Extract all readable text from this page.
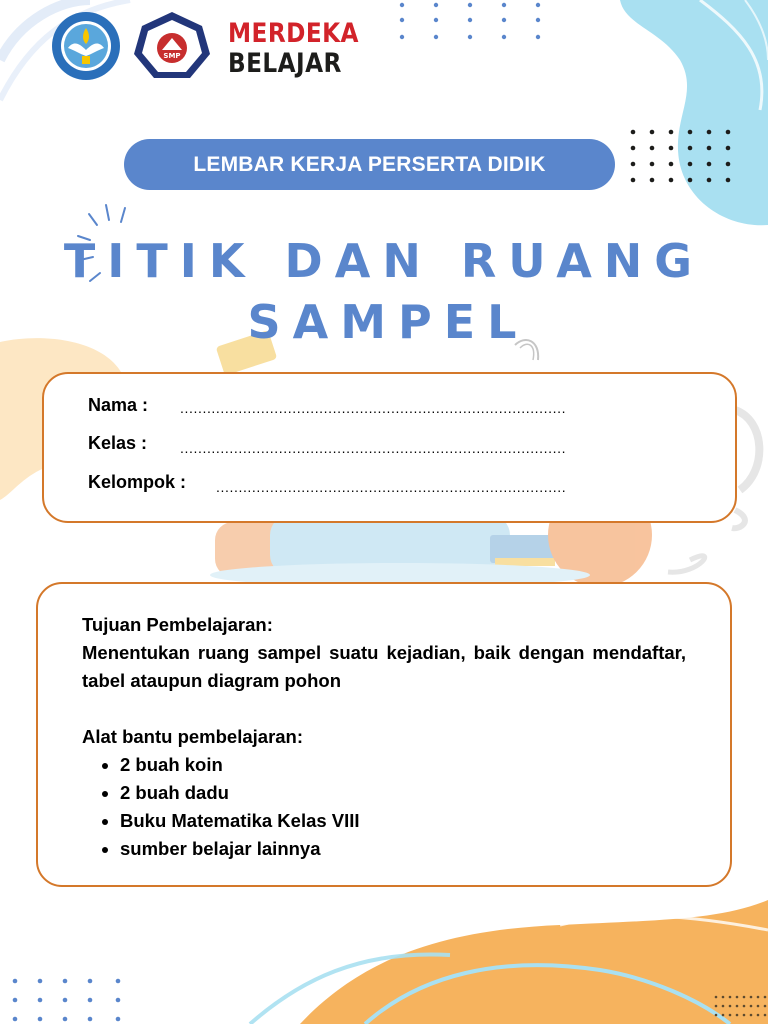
SMP
MERDEKA
BELAJAR
LEMBAR KERJA PERSERTA DIDIK
TITIK DAN RUANG
SAMPEL
Nama : ......................................................................................
Kelas : ......................................................................................
Kelompok : ..............................................................................

Tujuan Pembelajaran:

Menentukan ruang sampel suatu kejadian, baik dengan mendaftar, tabel ataupun diagram pohon

Alat bantu pembelajaran:

• 2 buah koin
• 2 buah dadu
• Buku Matematika Kelas VIII
• sumber belajar lainnya
